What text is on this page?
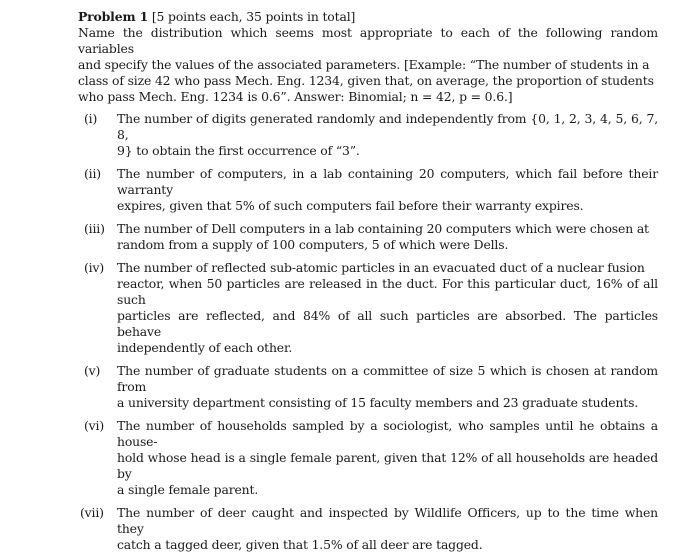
Problem 1 [5 points each, 35 points in total]
Name the distribution which seems most appropriate to each of the following random variables
and specify the values of the associated parameters. [Example: “The number of students in a
class of size 42 who pass Mech. Eng. 1234, given that, on average, the proportion of students
who pass Mech. Eng. 1234 is 0.6”. Answer: Binomial; n = 42, p = 0.6.]
(i)	The number of digits generated randomly and independently from {0, 1, 2, 3, 4, 5, 6, 7, 8,
9} to obtain the first occurrence of “3”.
(ii)	The number of computers, in a lab containing 20 computers, which fail before their warranty
expires, given that 5% of such computers fail before their warranty expires.
(iii) The number of Dell computers in a lab containing 20 computers which were chosen at
random from a supply of 100 computers, 5 of which were Dells.
(iv)	The number of reflected sub-atomic particles in an evacuated duct of a nuclear fusion
reactor, when 50 particles are released in the duct. For this particular duct, 16% of all such
particles are reflected, and 84% of all such particles are absorbed. The particles behave
independently of each other.
(v)	The number of graduate students on a committee of size 5 which is chosen at random from
a university department consisting of 15 faculty members and 23 graduate students.
(vi)	The number of households sampled by a sociologist, who samples until he obtains a house-
hold whose head is a single female parent, given that 12% of all households are headed by
a single female parent.
(vii)	The number of deer caught and inspected by Wildlife Officers, up to the time when they
catch a tagged deer, given that 1.5% of all deer are tagged.
